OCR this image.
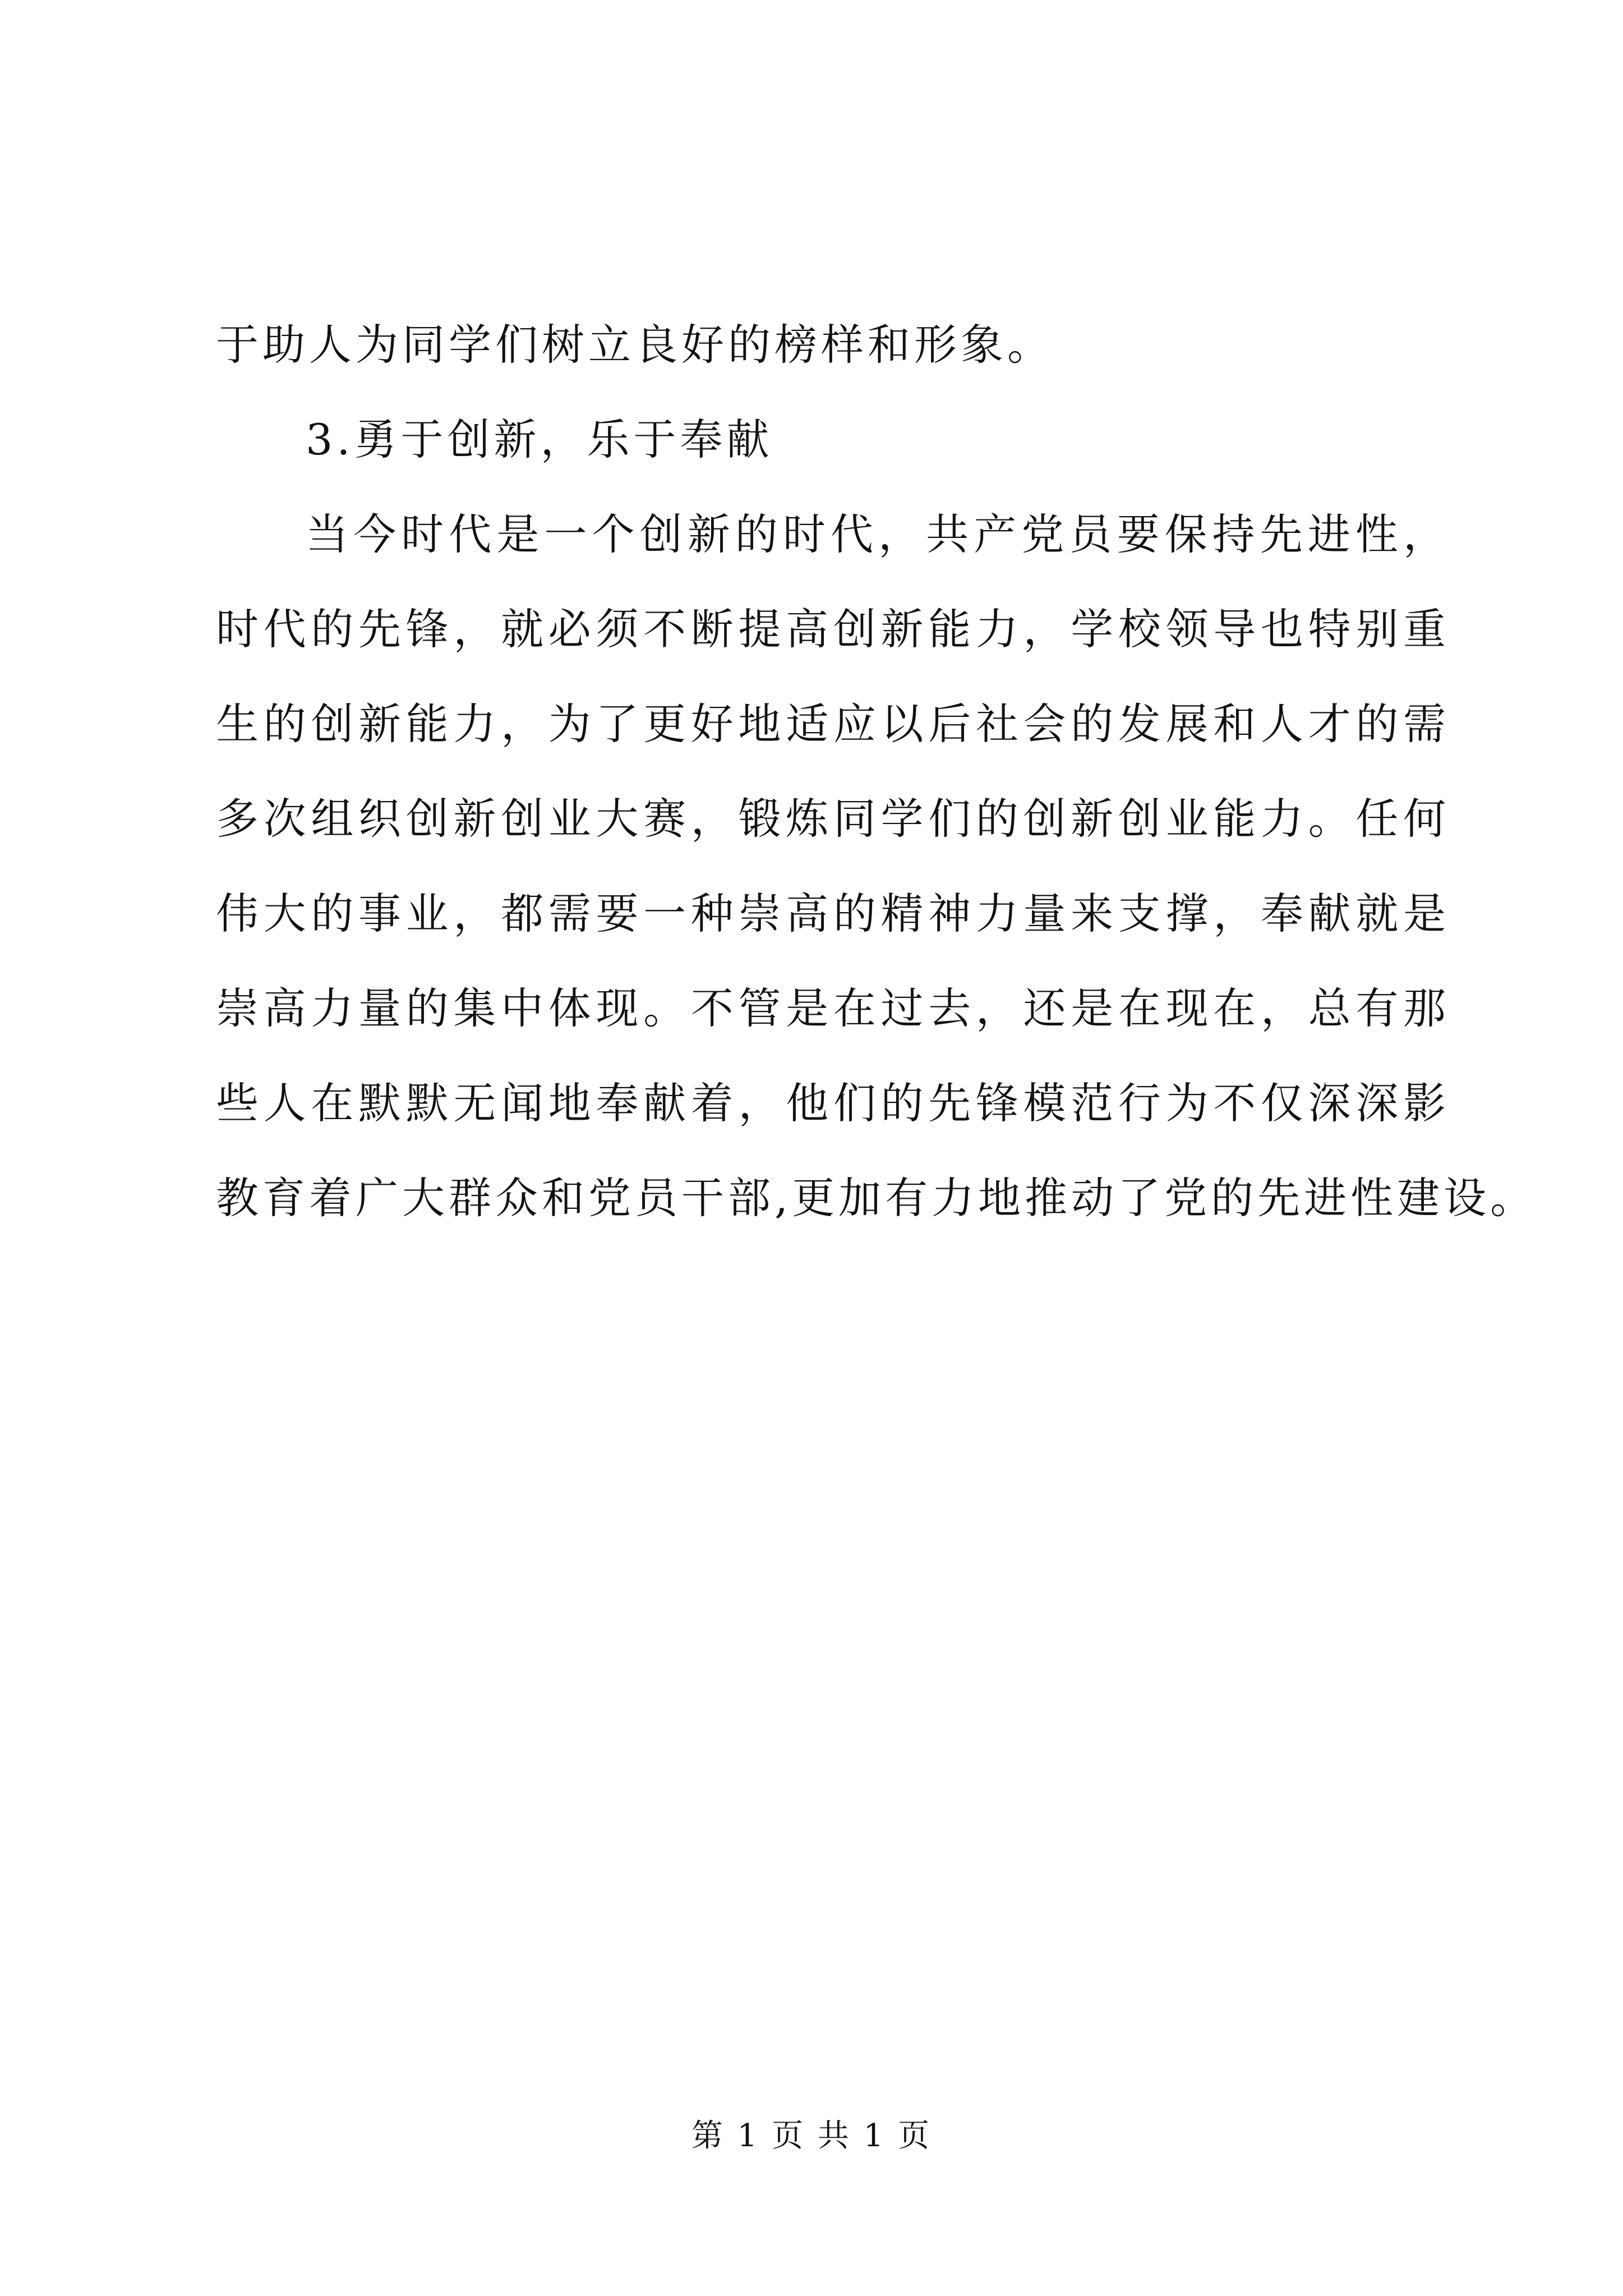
于助人为同学们树立良好的榜样和形象。
3.勇于创新，乐于奉献
当今时代是一个创新的时代，共产党员要保持先进性，
时代的先锋，就必须不断提高创新能力，学校领导也特别重
生的创新能力，为了更好地适应以后社会的发展和人才的需
多次组织创新创业大赛，锻炼同学们的创新创业能力。任何
伟大的事业，都需要一种崇高的精神力量来支撑，奉献就是
崇高力量的集中体现。不管是在过去，还是在现在，总有那
些人在默默无闻地奉献着，他们的先锋模范行为不仅深深影
教育着广大群众和党员干部,更加有力地推动了党的先进性建设。
第 1 页 共 1 页
